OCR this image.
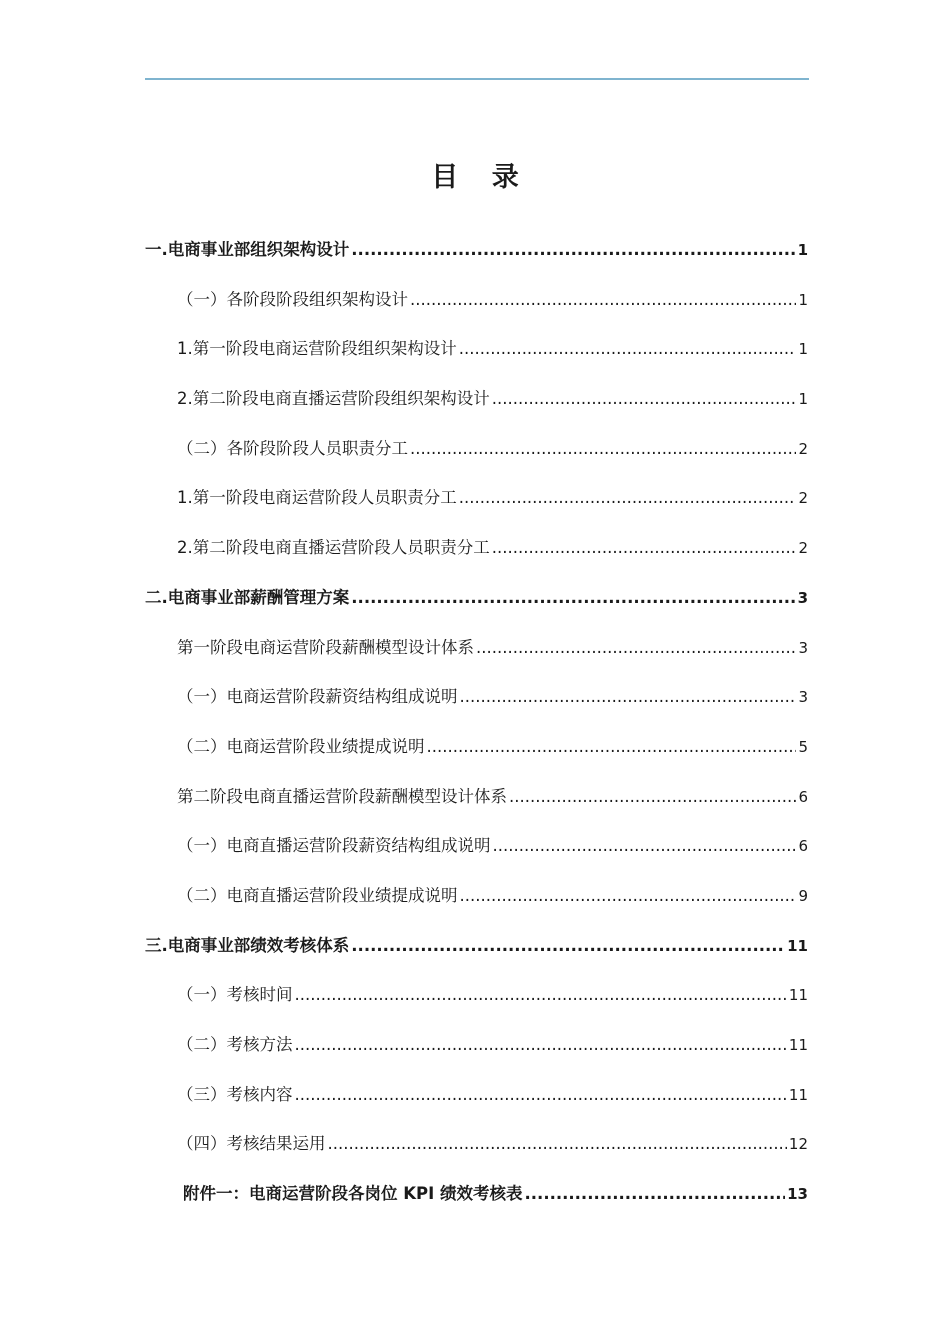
目 录
一.电商事业部组织架构设计 .....	1
（一）各阶段阶段组织架构设计 .....	1
1.第一阶段电商运营阶段组织架构设计 .....	1
2.第二阶段电商直播运营阶段组织架构设计 .....	1
（二）各阶段阶段人员职责分工 .....	2
1.第一阶段电商运营阶段人员职责分工 .....	2
2.第二阶段电商直播运营阶段人员职责分工 .....	2
二.电商事业部薪酬管理方案 .....	3
第一阶段电商运营阶段薪酬模型设计体系 .....	3
（一）电商运营阶段薪资结构组成说明 .....	3
（二）电商运营阶段业绩提成说明 .....	5
第二阶段电商直播运营阶段薪酬模型设计体系 .....	6
（一）电商直播运营阶段薪资结构组成说明 .....	6
（二）电商直播运营阶段业绩提成说明 .....	9
三.电商事业部绩效考核体系 .....	11
（一）考核时间 .....	11
（二）考核方法 .....	11
（三）考核内容 .....	11
（四）考核结果运用 .....	12
附件一：电商运营阶段各岗位 KPI 绩效考核表 .....	13
